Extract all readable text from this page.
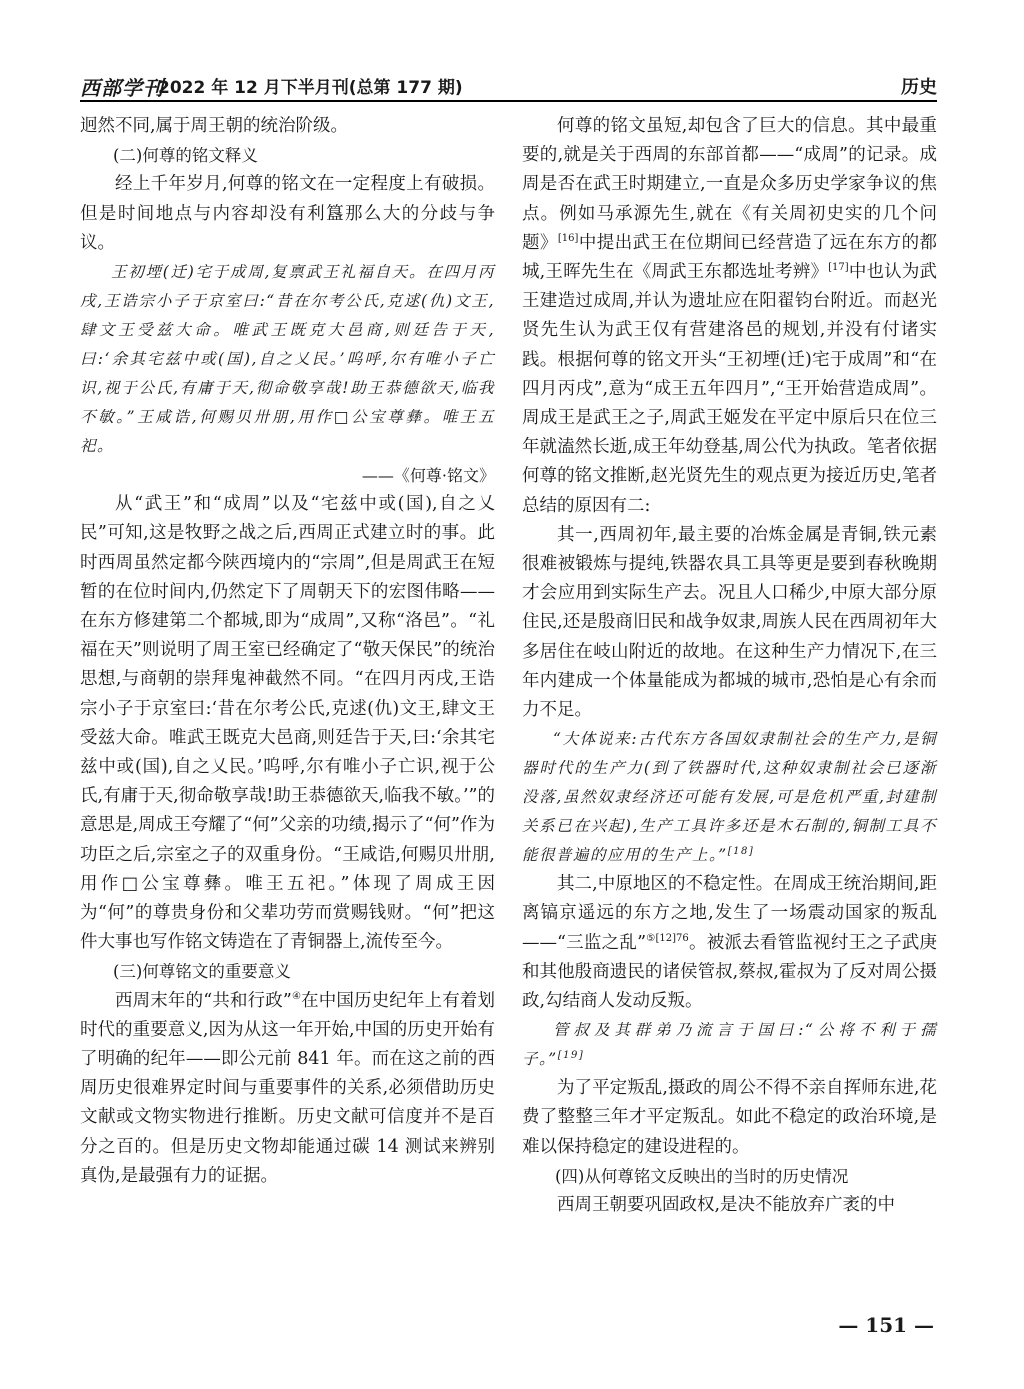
西部学刊
2022 年 12 月下半月刊(总第 177 期)	历史

迥然不同,属于周王朝的统治阶级。

(二)何尊的铭文释义

经上千年岁月,何尊的铭文在一定程度上有破损。但是时间地点与内容却没有利簋那么大的分歧与争议。

王初堙(迁)宅于成周,复禀武王礼福自天。在四月丙戌,王诰宗小子于京室曰:“昔在尔考公氏,克逑(仇)文王,肆文王受兹大命。唯武王既克大邑商,则廷告于天,曰:‘余其宅兹中或(国),自之乂民。’呜呼,尔有唯小子亡识,视于公氏,有庸于天,彻命敬享哉!助王恭德欲天,临我不敏。”王咸诰,何赐贝卅朋,用作□公宝尊彝。唯王五祀。

——《何尊·铭文》

从“武王”和“成周”以及“宅兹中或(国),自之乂民”可知,这是牧野之战之后,西周正式建立时的事。此时西周虽然定都今陕西境内的“宗周”,但是周武王在短暂的在位时间内,仍然定下了周朝天下的宏图伟略——在东方修建第二个都城,即为“成周”,又称“洛邑”。“礼福在天”则说明了周王室已经确定了“敬天保民”的统治思想,与商朝的崇拜鬼神截然不同。“在四月丙戌,王诰宗小子于京室曰:‘昔在尔考公氏,克逑(仇)文王,肆文王受兹大命。唯武王既克大邑商,则廷告于天,曰:‘余其宅兹中或(国),自之乂民。’呜呼,尔有唯小子亡识,视于公氏,有庸于天,彻命敬享哉!助王恭德欲天,临我不敏。’”的意思是,周成王夸耀了“何”父亲的功绩,揭示了“何”作为功臣之后,宗室之子的双重身份。“王咸诰,何赐贝卅朋,用作□公宝尊彝。唯王五祀。”体现了周成王因为“何”的尊贵身份和父辈功劳而赏赐钱财。“何”把这件大事也写作铭文铸造在了青铜器上,流传至今。

(三)何尊铭文的重要意义

西周末年的“共和行政”④在中国历史纪年上有着划时代的重要意义,因为从这一年开始,中国的历史开始有了明确的纪年——即公元前 841 年。而在这之前的西周历史很难界定时间与重要事件的关系,必须借助历史文献或文物实物进行推断。历史文献可信度并不是百分之百的。但是历史文物却能通过碳 14 测试来辨别真伪,是最强有力的证据。

何尊的铭文虽短,却包含了巨大的信息。其中最重要的,就是关于西周的东部首都——“成周”的记录。成周是否在武王时期建立,一直是众多历史学家争议的焦点。例如马承源先生,就在《有关周初史实的几个问题》[16]中提出武王在位期间已经营造了远在东方的都城,王晖先生在《周武王东都选址考辨》[17]中也认为武王建造过成周,并认为遗址应在阳翟钧台附近。而赵光贤先生认为武王仅有营建洛邑的规划,并没有付诸实践。根据何尊的铭文开头“王初堙(迁)宅于成周”和“在四月丙戌”,意为“成王五年四月”,“王开始营造成周”。周成王是武王之子,周武王姬发在平定中原后只在位三年就溘然长逝,成王年幼登基,周公代为执政。笔者依据何尊的铭文推断,赵光贤先生的观点更为接近历史,笔者总结的原因有二:

其一,西周初年,最主要的冶炼金属是青铜,铁元素很难被锻炼与提纯,铁器农具工具等更是要到春秋晚期才会应用到实际生产去。况且人口稀少,中原大部分原住民,还是殷商旧民和战争奴隶,周族人民在西周初年大多居住在岐山附近的故地。在这种生产力情况下,在三年内建成一个体量能成为都城的城市,恐怕是心有余而力不足。

“大体说来:古代东方各国奴隶制社会的生产力,是铜器时代的生产力(到了铁器时代,这种奴隶制社会已逐渐没落,虽然奴隶经济还可能有发展,可是危机严重,封建制关系已在兴起),生产工具许多还是木石制的,铜制工具不能很普遍的应用的生产上。”[18]

其二,中原地区的不稳定性。在周成王统治期间,距离镐京遥远的东方之地,发生了一场震动国家的叛乱——“三监之乱”$^{⑤[12]76}$。被派去看管监视纣王之子武庚和其他殷商遗民的诸侯管叔,蔡叔,霍叔为了反对周公摄政,勾结商人发动反叛。

管叔及其群弟乃流言于国曰:“公将不利于孺子。”[19]

为了平定叛乱,摄政的周公不得不亲自挥师东进,花费了整整三年才平定叛乱。如此不稳定的政治环境,是难以保持稳定的建设进程的。

(四)从何尊铭文反映出的当时的历史情况

西周王朝要巩固政权,是决不能放弃广袤的中

— 151 —
